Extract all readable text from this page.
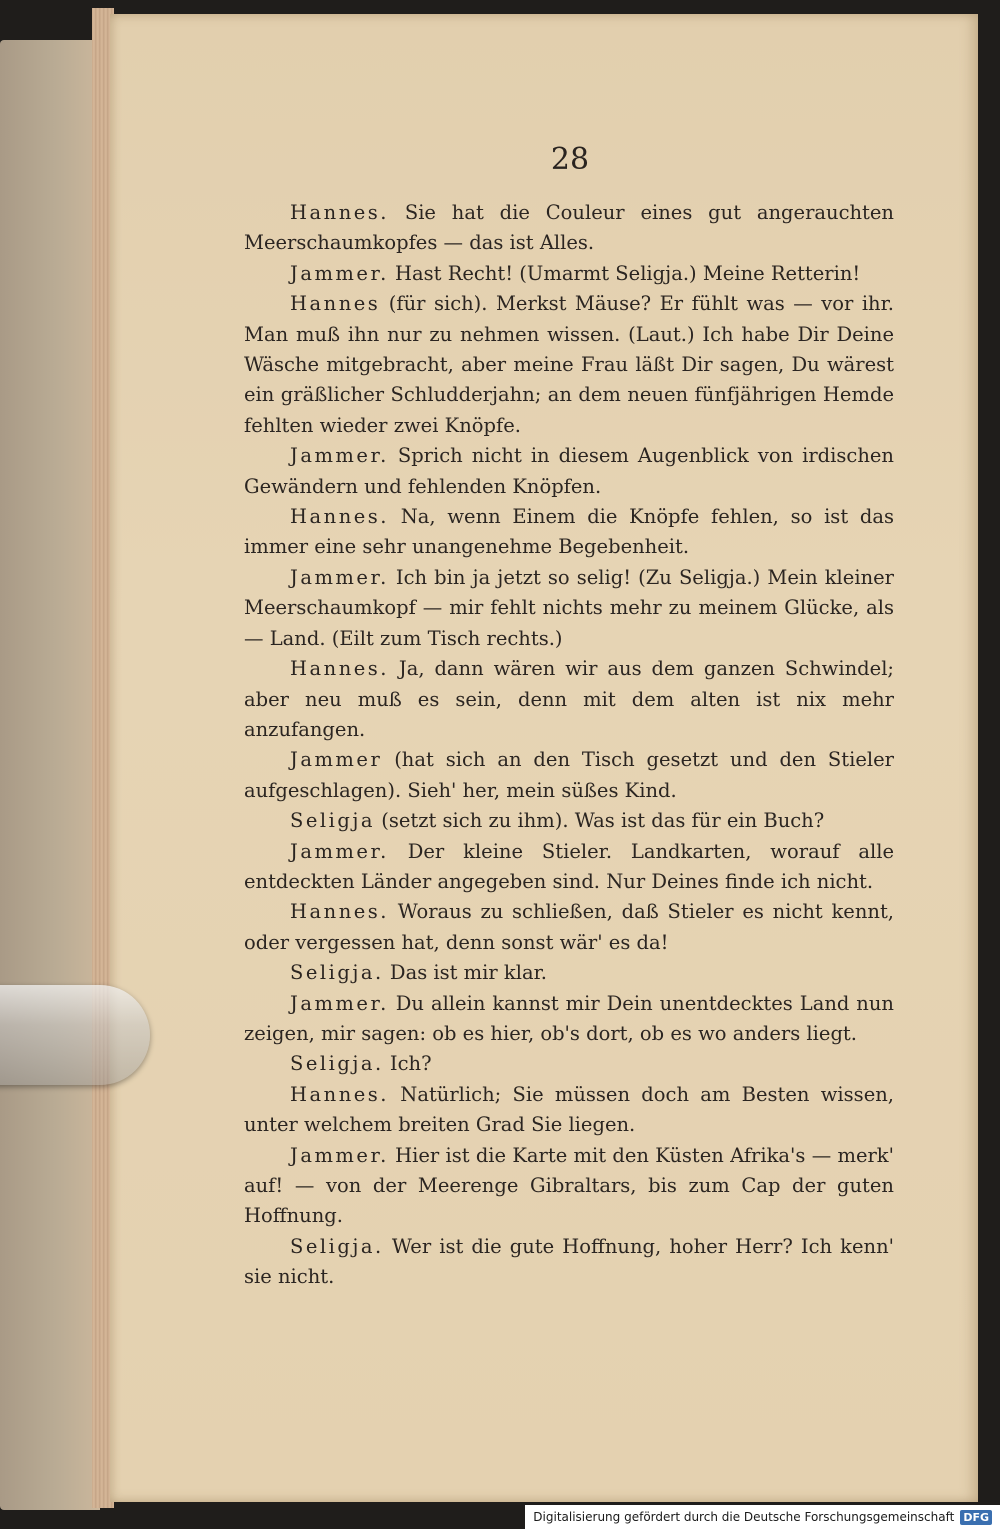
28

Hannes. Sie hat die Couleur eines gut angerauchten Meerschaumkopfes — das ist Alles.

Jammer. Hast Recht! (Umarmt Seligja.) Meine Retterin!

Hannes (für sich). Merkst Mäuse? Er fühlt was — vor ihr. Man muß ihn nur zu nehmen wissen. (Laut.) Ich habe Dir Deine Wäsche mitgebracht, aber meine Frau läßt Dir sagen, Du wärest ein gräßlicher Schludderjahn; an dem neuen fünfjährigen Hemde fehlten wieder zwei Knöpfe.

Jammer. Sprich nicht in diesem Augenblick von irdischen Gewändern und fehlenden Knöpfen.

Hannes. Na, wenn Einem die Knöpfe fehlen, so ist das immer eine sehr unangenehme Begebenheit.

Jammer. Ich bin ja jetzt so selig! (Zu Seligja.) Mein kleiner Meerschaumkopf — mir fehlt nichts mehr zu meinem Glücke, als — Land. (Eilt zum Tisch rechts.)

Hannes. Ja, dann wären wir aus dem ganzen Schwindel; aber neu muß es sein, denn mit dem alten ist nix mehr anzufangen.

Jammer (hat sich an den Tisch gesetzt und den Stieler aufgeschlagen). Sieh' her, mein süßes Kind.

Seligja (setzt sich zu ihm). Was ist das für ein Buch?

Jammer. Der kleine Stieler. Landkarten, worauf alle entdeckten Länder angegeben sind. Nur Deines finde ich nicht.

Hannes. Woraus zu schließen, daß Stieler es nicht kennt, oder vergessen hat, denn sonst wär' es da!

Seligja. Das ist mir klar.

Jammer. Du allein kannst mir Dein unentdecktes Land nun zeigen, mir sagen: ob es hier, ob's dort, ob es wo anders liegt.

Seligja. Ich?

Hannes. Natürlich; Sie müssen doch am Besten wissen, unter welchem breiten Grad Sie liegen.

Jammer. Hier ist die Karte mit den Küsten Afrika's — merk' auf! — von der Meerenge Gibraltars, bis zum Cap der guten Hoffnung.

Seligja. Wer ist die gute Hoffnung, hoher Herr? Ich kenn' sie nicht.

Digitalisierung gefördert durch die Deutsche Forschungsgemeinschaft DFG
